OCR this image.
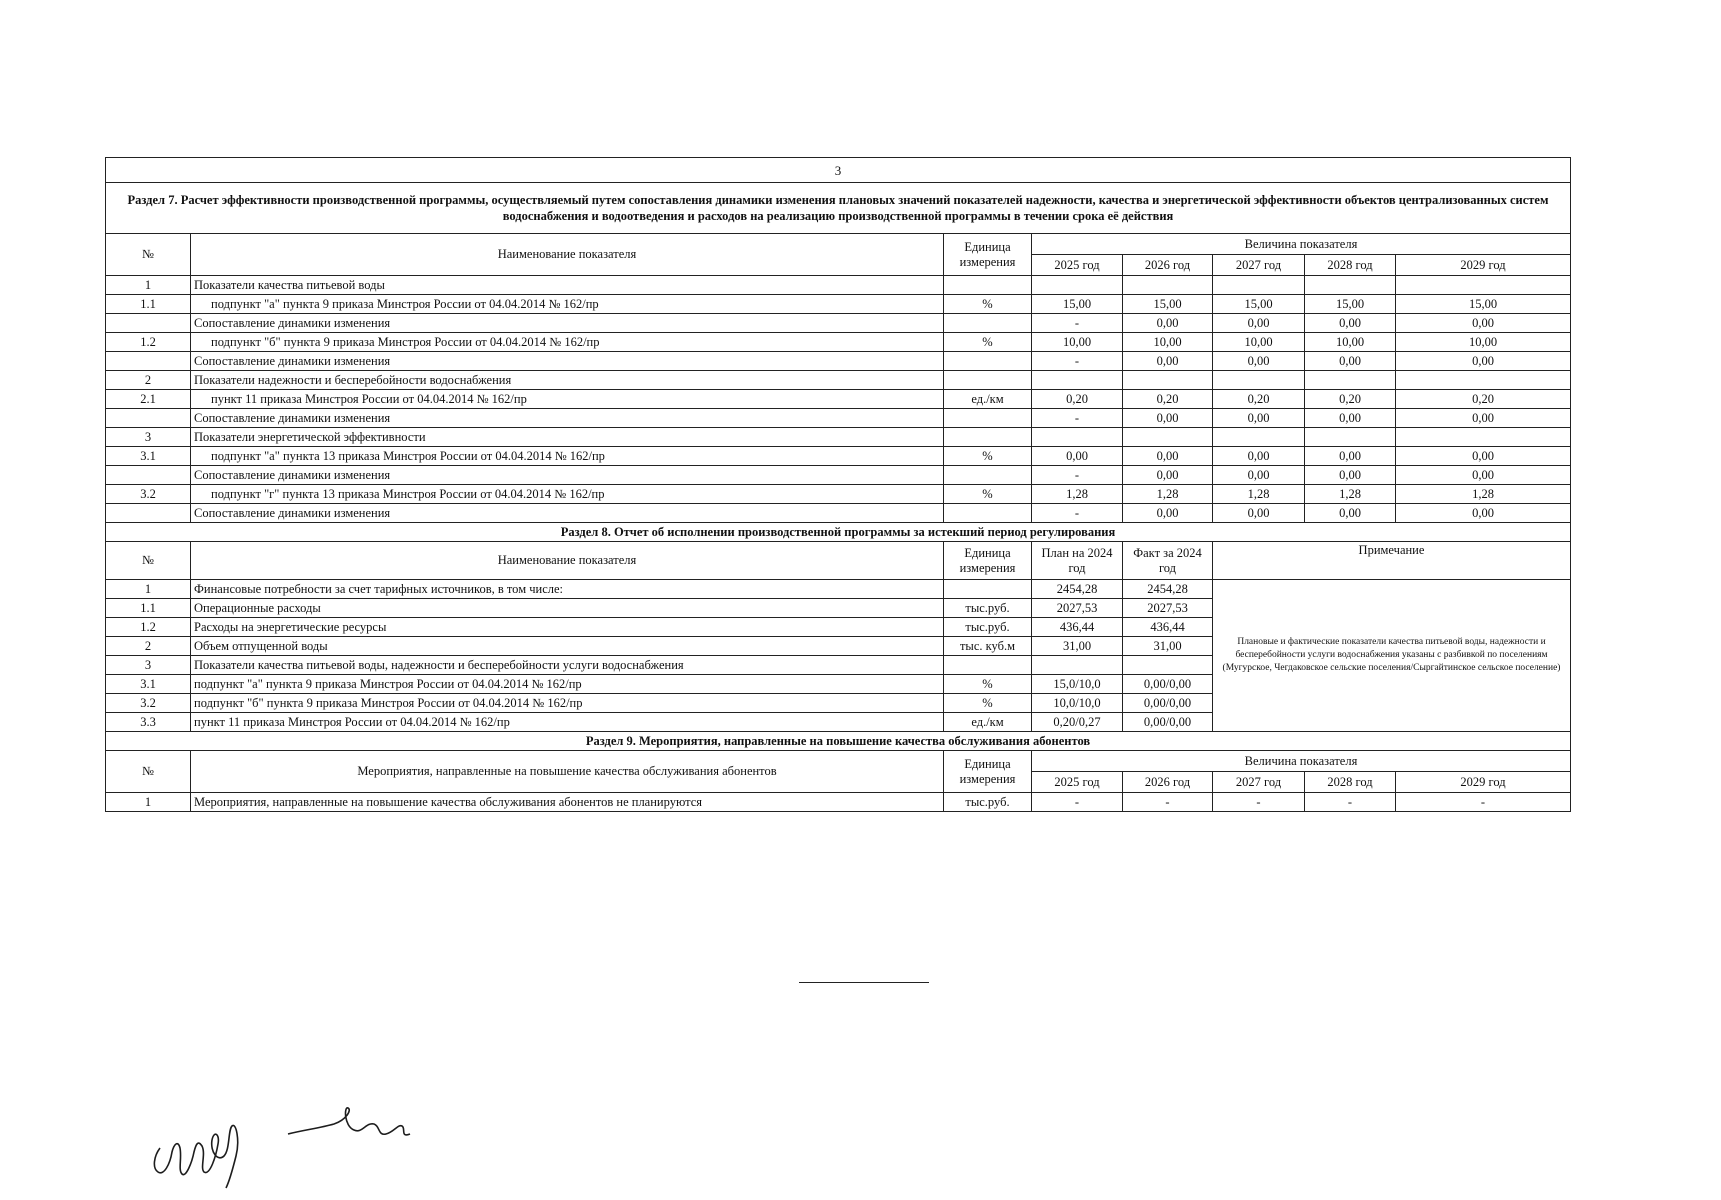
3							
Раздел 7. Расчет эффективности производственной программы, осуществляемый путем сопоставления динамики изменения плановых значений показателей надежности, качества и энергетической эффективности объектов централизованных систем водоснабжения и водоотведения и расходов на реализацию производственной программы в течении срока её действия							
№	Наименование показателя	Единица измерения	Величина показателя				
			2025 год	2026 год	2027 год	2028 год	2029 год
1	Показатели качества питьевой воды						
1.1	подпункт "а" пункта 9 приказа Минстроя России от 04.04.2014 № 162/пр	%	15,00	15,00	15,00	15,00	15,00
	Сопоставление динамики изменения		-	0,00	0,00	0,00	0,00
1.2	подпункт "б" пункта 9 приказа Минстроя России от 04.04.2014 № 162/пр	%	10,00	10,00	10,00	10,00	10,00
	Сопоставление динамики изменения		-	0,00	0,00	0,00	0,00
2	Показатели надежности и бесперебойности водоснабжения						
2.1	пункт 11 приказа Минстроя России от 04.04.2014 № 162/пр	ед./км	0,20	0,20	0,20	0,20	0,20
	Сопоставление динамики изменения		-	0,00	0,00	0,00	0,00
3	Показатели энергетической эффективности						
3.1	подпункт "а" пункта 13 приказа Минстроя России от 04.04.2014 № 162/пр	%	0,00	0,00	0,00	0,00	0,00
	Сопоставление динамики изменения		-	0,00	0,00	0,00	0,00
3.2	подпункт "г" пункта 13 приказа Минстроя России от 04.04.2014 № 162/пр	%	1,28	1,28	1,28	1,28	1,28
	Сопоставление динамики изменения		-	0,00	0,00	0,00	0,00
Раздел 8. Отчет об исполнении производственной программы за истекший период регулирования							
№	Наименование показателя	Единица измерения	План на 2024 год	Факт за 2024 год	Примечание		
1	Финансовые потребности за счет тарифных источников, в том числе:		2454,28	2454,28	Плановые и фактические показатели качества питьевой воды, надежности и бесперебойности услуги водоснабжения указаны с разбивкой по поселениям (Мугурское, Чегдаковское сельские поселения/Сыргайтинское сельское поселение)		
1.1	Операционные расходы	тыс.руб.	2027,53	2027,53			
1.2	Расходы на энергетические ресурсы	тыс.руб.	436,44	436,44			
2	Объем отпущенной воды	тыс. куб.м	31,00	31,00			
3	Показатели качества питьевой воды, надежности и бесперебойности услуги водоснабжения						
3.1	подпункт "а" пункта 9 приказа Минстроя России от 04.04.2014 № 162/пр	%	15,0/10,0	0,00/0,00			
3.2	подпункт "б" пункта 9 приказа Минстроя России от 04.04.2014 № 162/пр	%	10,0/10,0	0,00/0,00			
3.3	пункт 11 приказа Минстроя России от 04.04.2014 № 162/пр	ед./км	0,20/0,27	0,00/0,00			
Раздел 9. Мероприятия, направленные на повышение качества обслуживания абонентов							
№	Мероприятия, направленные на повышение качества обслуживания абонентов	Единица измерения	Величина показателя				
			2025 год	2026 год	2027 год	2028 год	2029 год
1	Мероприятия, направленные на повышение качества обслуживания абонентов не планируются	тыс.руб.	-	-	-	-	-
